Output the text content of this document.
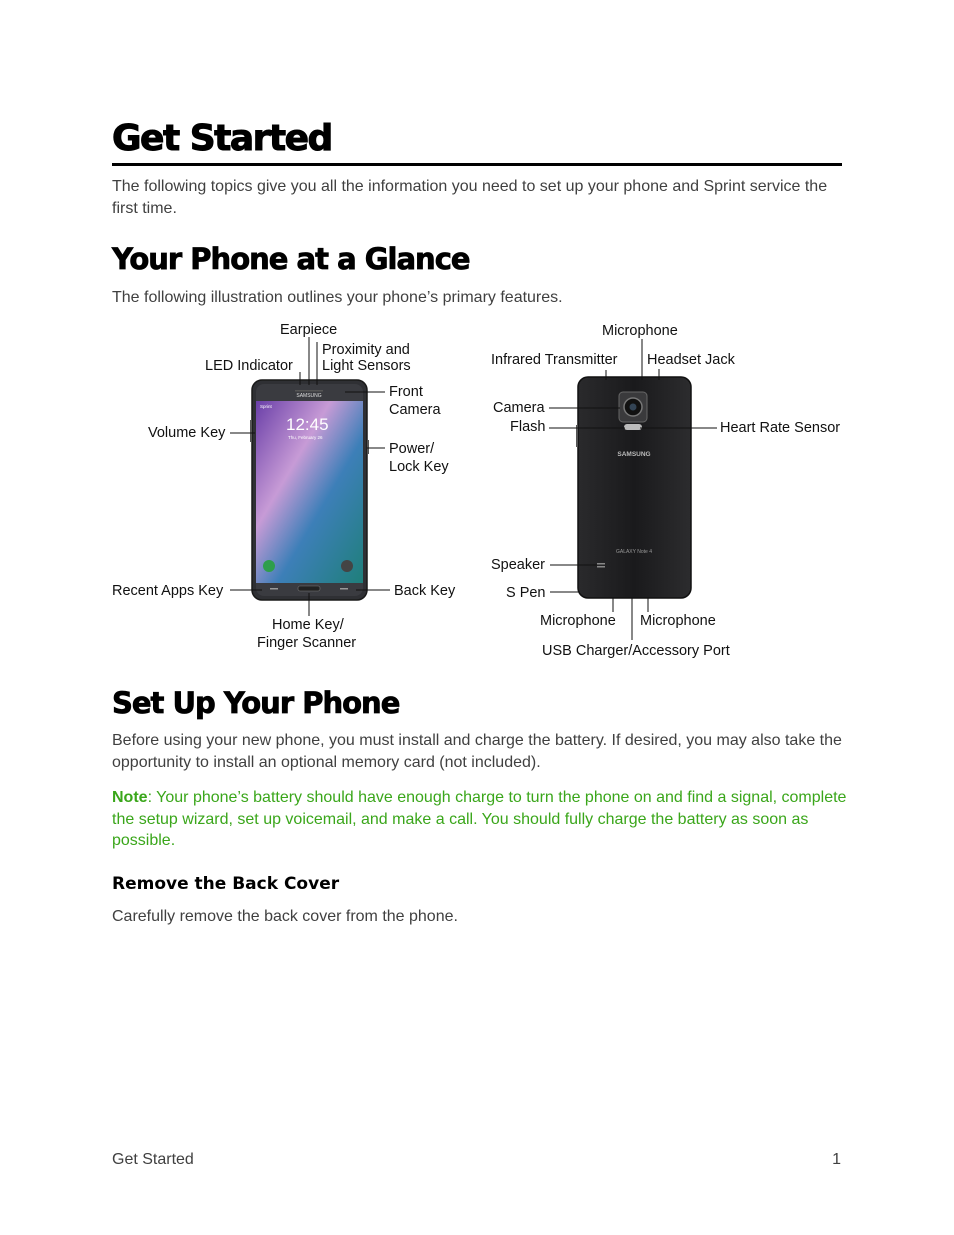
Get Started

The following topics give you all the information you need to set up your phone and Sprint service the first time.

Your Phone at a Glance

The following illustration outlines your phone’s primary features.

SAMSUNG
Sprint
12:45
Thu, February 26
Earpiece
Proximity and
Light Sensors
LED Indicator
Front
Camera
Volume Key
Power/
Lock Key
Recent Apps Key	Back Key
Home Key/
Finger Scanner
SAMSUNG
GALAXY Note 4
Microphone
Infrared Transmitter Headset Jack
Camera
Flash	Heart Rate Sensor
Speaker
S Pen
Microphone Microphone
USB Charger/Accessory Port
Set Up Your Phone

Before using your new phone, you must install and charge the battery. If desired, you may also take the opportunity to install an optional memory card (not included).

Note: Your phone’s battery should have enough charge to turn the phone on and find a signal, complete the setup wizard, set up voicemail, and make a call. You should fully charge the battery as soon as possible.

Remove the Back Cover

Carefully remove the back cover from the phone.

Get Started	1
